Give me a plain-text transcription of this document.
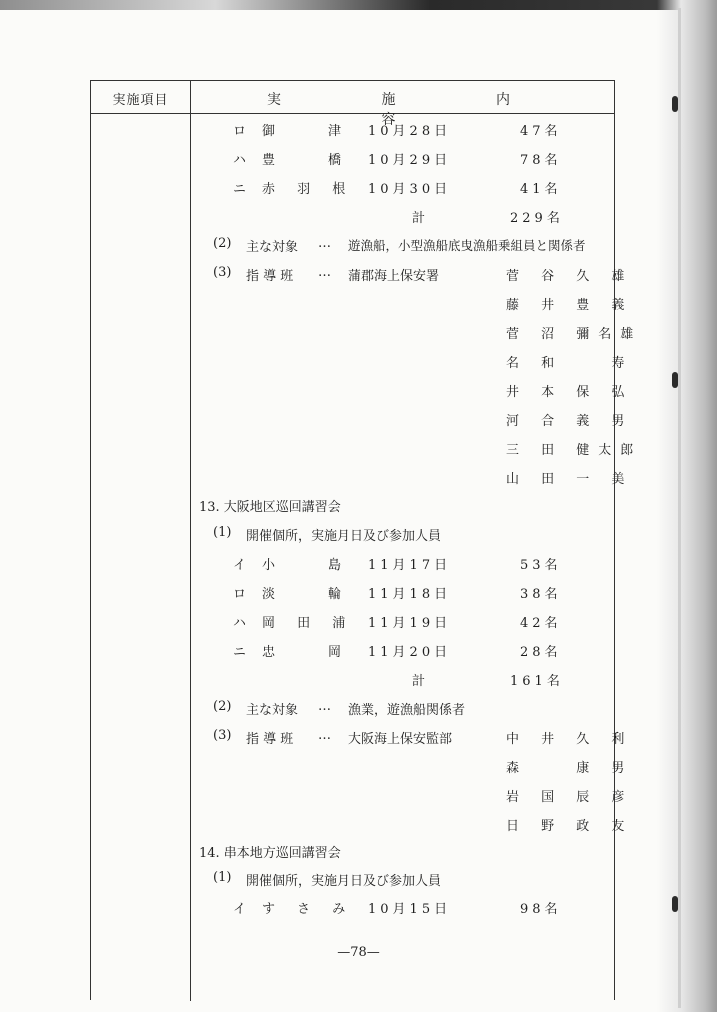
実施項目	実 施 内 容
ロ 御　　津 10月28日	47名
ハ 豊　　橋 10月29日	78名
ニ 赤 羽 根 10月30日	41名
計	229名
(2) 主な対象 … 遊漁船，小型漁船底曳漁船乗組員と関係者
(3) 指 導 班 … 蒲郡海上保安署	菅 谷 久 雄
藤 井 豊 義
菅 沼 彌名雄
名 和 　 寿
井 本 保 弘
河 合 義 男
三 田 健太郎
山 田 一 美
13. 大阪地区巡回講習会
(1) 開催個所，実施月日及び参加人員
イ 小　　島 11月17日	53名
ロ 淡　　輪 11月18日	38名
ハ 岡 田 浦 11月19日	42名
ニ 忠　　岡 11月20日	28名
計	161名
(2) 主な対象 … 漁業，遊漁船関係者
(3) 指 導 班 … 大阪海上保安監部	中 井 久 利
森 　 康 男
岩 国 辰 彦
日 野 政 友
14. 串本地方巡回講習会
(1) 開催個所，実施月日及び参加人員
イ す さ み 10月15日	98名
—78—
